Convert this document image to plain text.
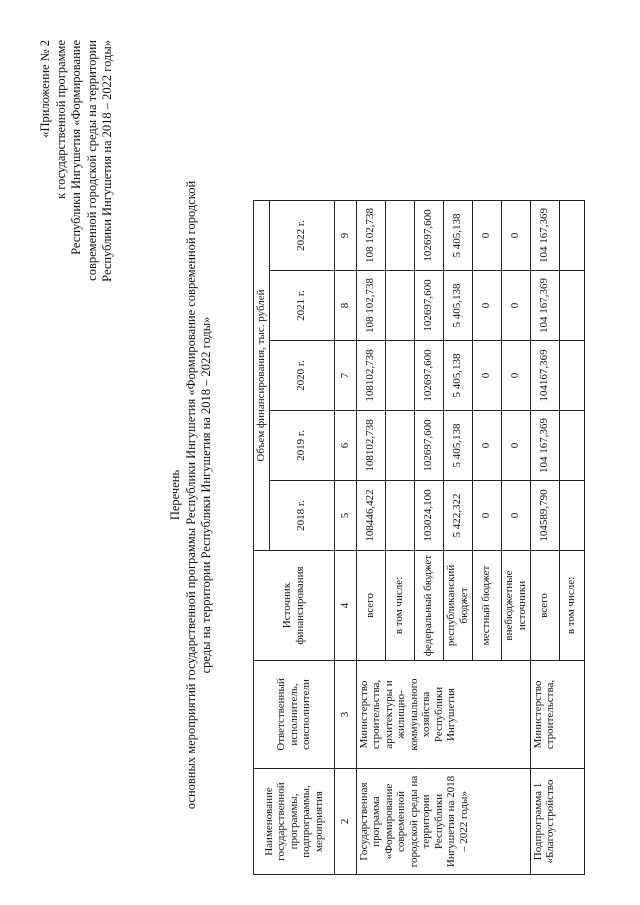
«Приложение № 2 к государственной программе Республики Ингушетия «Формирование современной городской среды на территории Республики Ингушетия на 2018 – 2022 годы»
Перечень основных мероприятий государственной программы Республики Ингушетия «Формирование современной городской среды на территории Республики Ингушетия на 2018 – 2022 годы»
Наименование государственной программы, подпрограммы, мероприятия	Ответственный исполнитель, соисполнители	Источник финансирования	Объем финансирования, тыс. рублей				
			2018 г.	2019 г.	2020 г.	2021 г.	2022 г.
2	3	4	5	6	7	8	9
Государственная программа «Формирование современной городской среды на территории Республики Ингушетия на 2018 – 2022 годы»	Министерство строительства, архитектуры и жилищно-коммунального хозяйства Республики Ингушетия	всего	108446,422	108102,738	108102,738	108 102,738	108 102,738
		в том числе:					
		федеральный бюджет	103024,100	102697,600	102697,600	102697,600	102697,600
		республиканский бюджет	5 422,322	5 405,138	5 405,138	5 405,138	5 405,138
		местный бюджет	0	0	0	0	0
		внебюджетные источники	0	0	0	0	0
Подпрограмма 1 «Благоустройство	Министерство строительства,	всего	104589,790	104 167,369	104167,369	104 167,369	104 167,369
		в том числе:					
